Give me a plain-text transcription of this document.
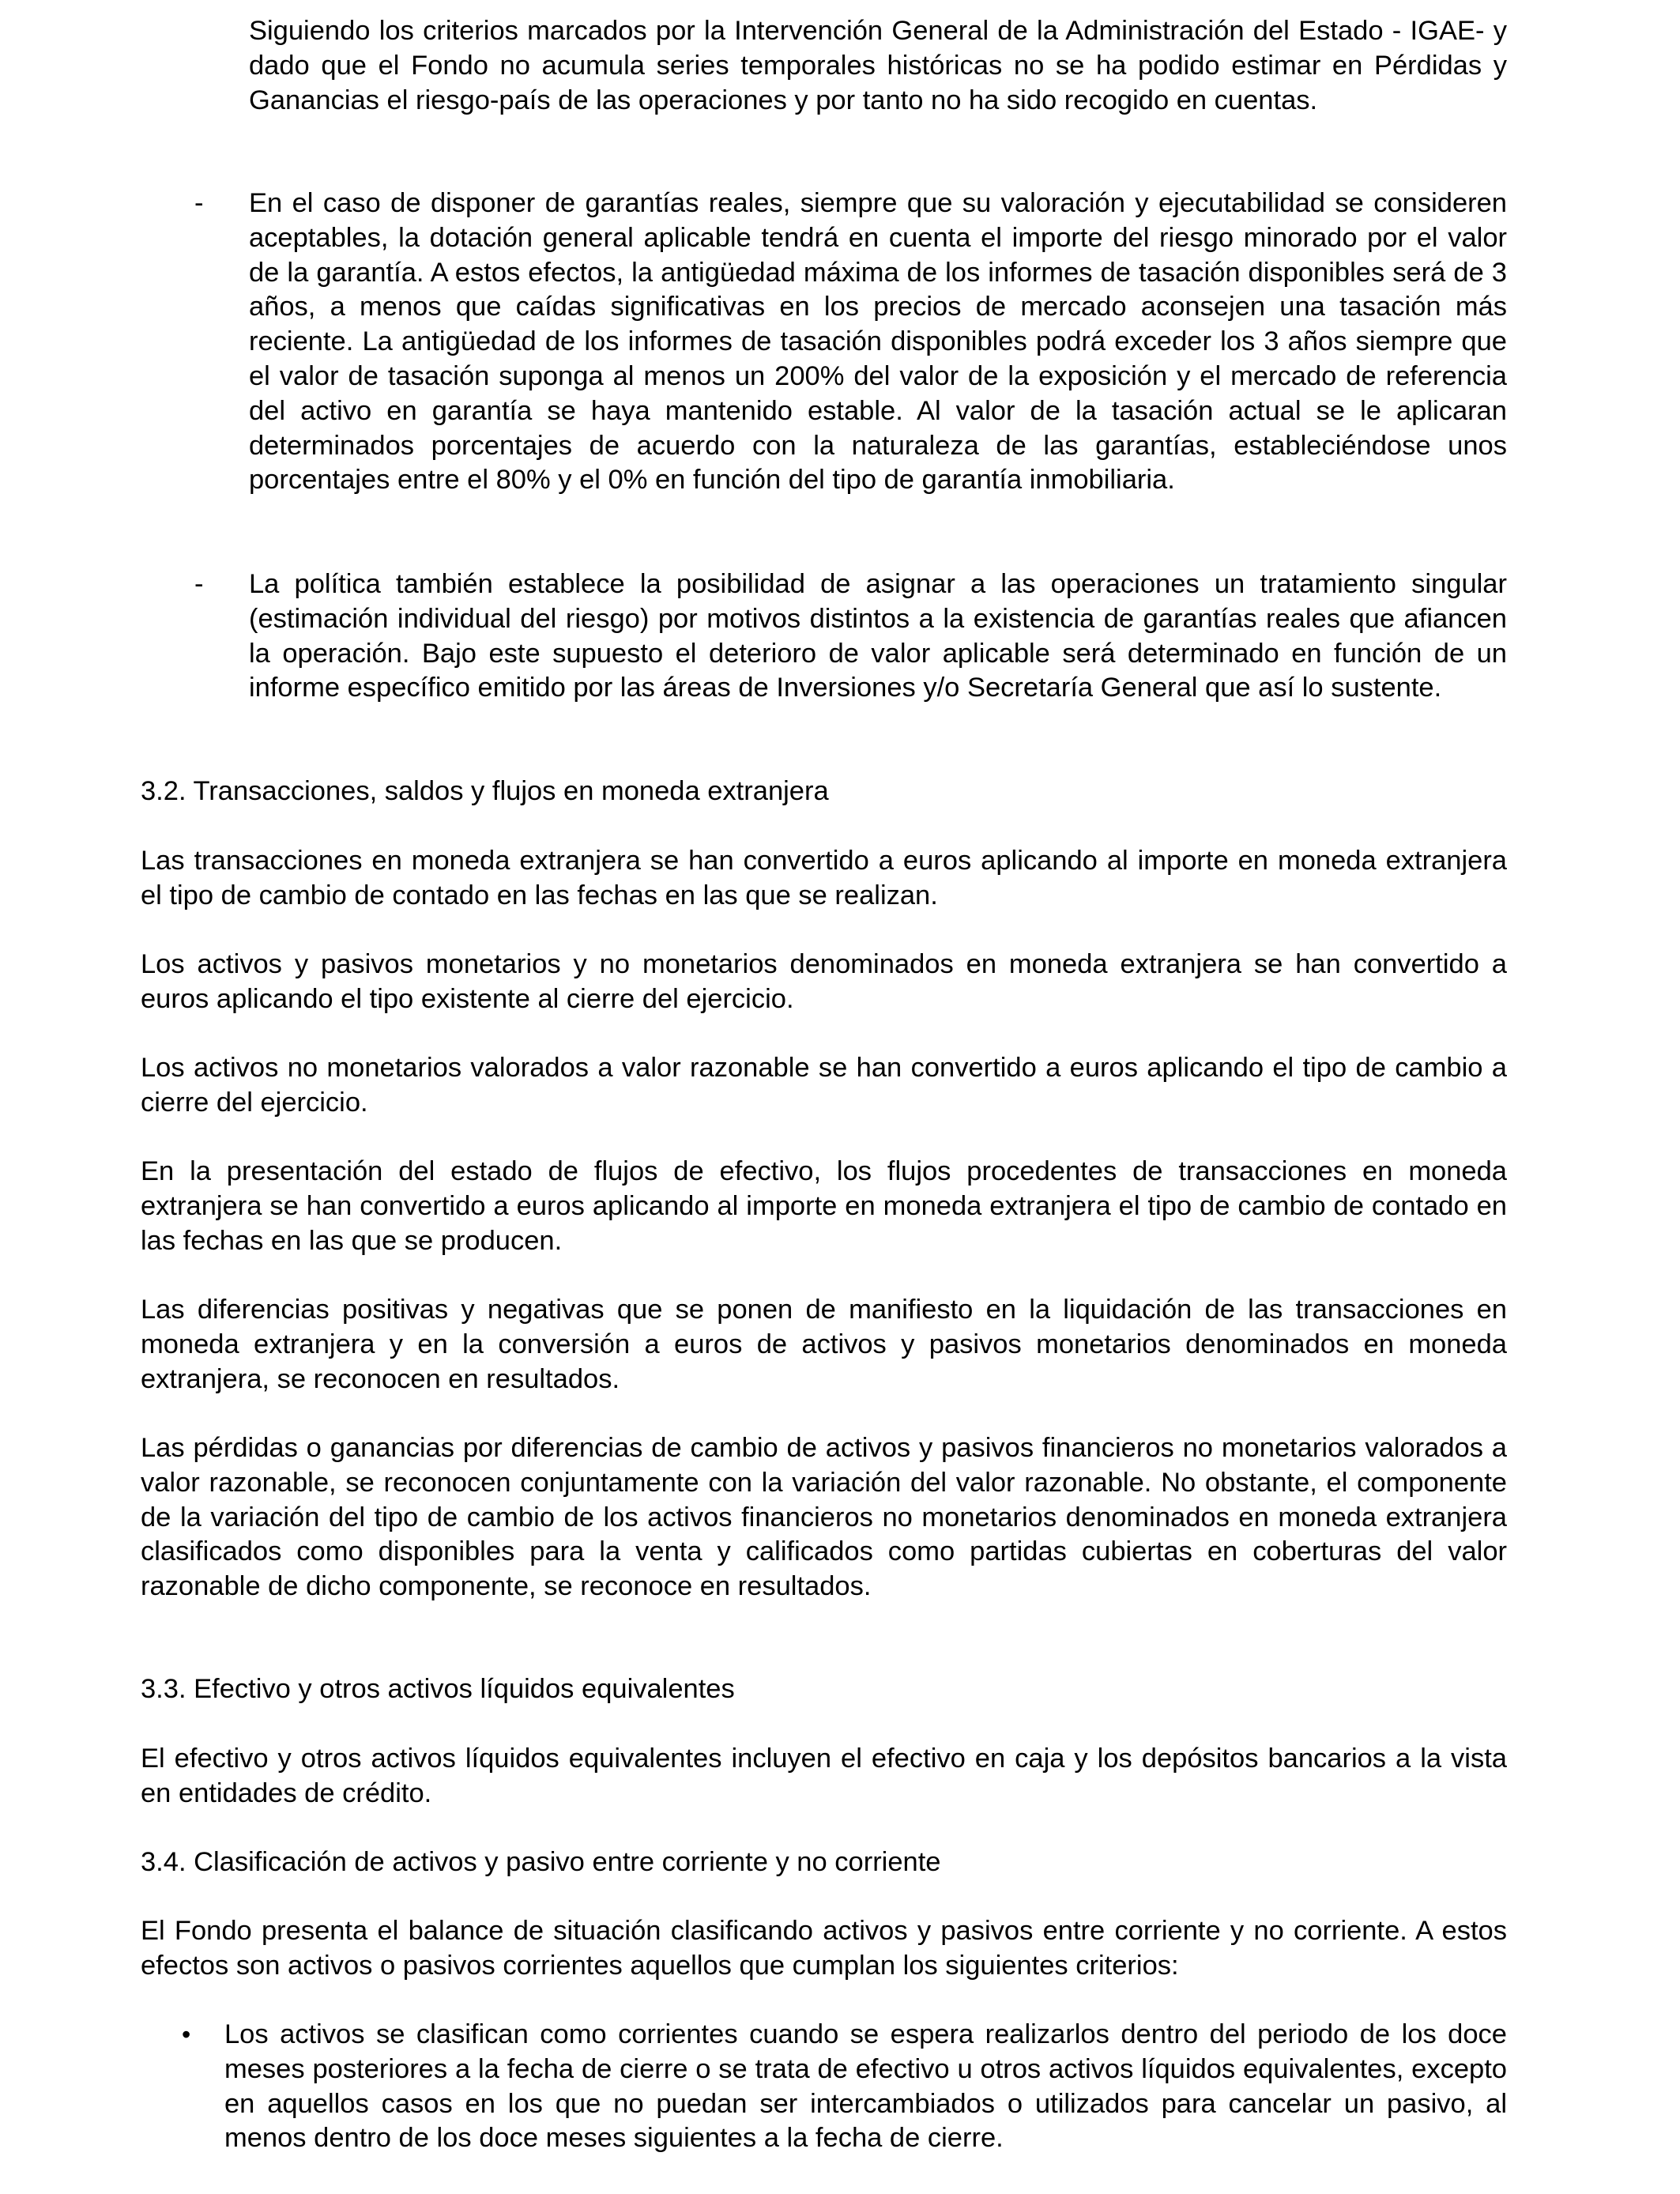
Siguiendo los criterios marcados por la Intervención General de la Administración del Estado - IGAE- y dado que el Fondo no acumula series temporales históricas no se ha podido estimar en Pérdidas y Ganancias el riesgo-país de las operaciones y por tanto no ha sido recogido en cuentas.

-	En el caso de disponer de garantías reales, siempre que su valoración y ejecutabilidad se consideren aceptables, la dotación general aplicable tendrá en cuenta el importe del riesgo minorado por el valor de la garantía. A estos efectos, la antigüedad máxima de los informes de tasación disponibles será de 3 años, a menos que caídas significativas en los precios de mercado aconsejen una tasación más reciente. La antigüedad de los informes de tasación disponibles podrá exceder los 3 años siempre que el valor de tasación suponga al menos un 200% del valor de la exposición y el mercado de referencia del activo en garantía se haya mantenido estable. Al valor de la tasación actual se le aplicaran determinados porcentajes de acuerdo con la naturaleza de las garantías, estableciéndose unos porcentajes entre el 80% y el 0% en función del tipo de garantía inmobiliaria.

-	La política también establece la posibilidad de asignar a las operaciones un tratamiento singular (estimación individual del riesgo) por motivos distintos a la existencia de garantías reales que afiancen la operación. Bajo este supuesto el deterioro de valor aplicable será determinado en función de un informe específico emitido por las áreas de Inversiones y/o Secretaría General que así lo sustente.

3.2. Transacciones, saldos y flujos en moneda extranjera

Las transacciones en moneda extranjera se han convertido a euros aplicando al importe en moneda extranjera el tipo de cambio de contado en las fechas en las que se realizan.

Los activos y pasivos monetarios y no monetarios denominados en moneda extranjera se han convertido a euros aplicando el tipo existente al cierre del ejercicio.

Los activos no monetarios valorados a valor razonable se han convertido a euros aplicando el tipo de cambio a cierre del ejercicio.

En la presentación del estado de flujos de efectivo, los flujos procedentes de transacciones en moneda extranjera se han convertido a euros aplicando al importe en moneda extranjera el tipo de cambio de contado en las fechas en las que se producen.

Las diferencias positivas y negativas que se ponen de manifiesto en la liquidación de las transacciones en moneda extranjera y en la conversión a euros de activos y pasivos monetarios denominados en moneda extranjera, se reconocen en resultados.

Las pérdidas o ganancias por diferencias de cambio de activos y pasivos financieros no monetarios valorados a valor razonable, se reconocen conjuntamente con la variación del valor razonable. No obstante, el componente de la variación del tipo de cambio de los activos financieros no monetarios denominados en moneda extranjera clasificados como disponibles para la venta y calificados como partidas cubiertas en coberturas del valor razonable de dicho componente, se reconoce en resultados.

3.3. Efectivo y otros activos líquidos equivalentes

El efectivo y otros activos líquidos equivalentes incluyen el efectivo en caja y los depósitos bancarios a la vista en entidades de crédito.

3.4. Clasificación de activos y pasivo entre corriente y no corriente

El Fondo presenta el balance de situación clasificando activos y pasivos entre corriente y no corriente. A estos efectos son activos o pasivos corrientes aquellos que cumplan los siguientes criterios:

•	Los activos se clasifican como corrientes cuando se espera realizarlos dentro del periodo de los doce meses posteriores a la fecha de cierre o se trata de efectivo u otros activos líquidos equivalentes, excepto en aquellos casos en los que no puedan ser intercambiados o utilizados para cancelar un pasivo, al menos dentro de los doce meses siguientes a la fecha de cierre.
